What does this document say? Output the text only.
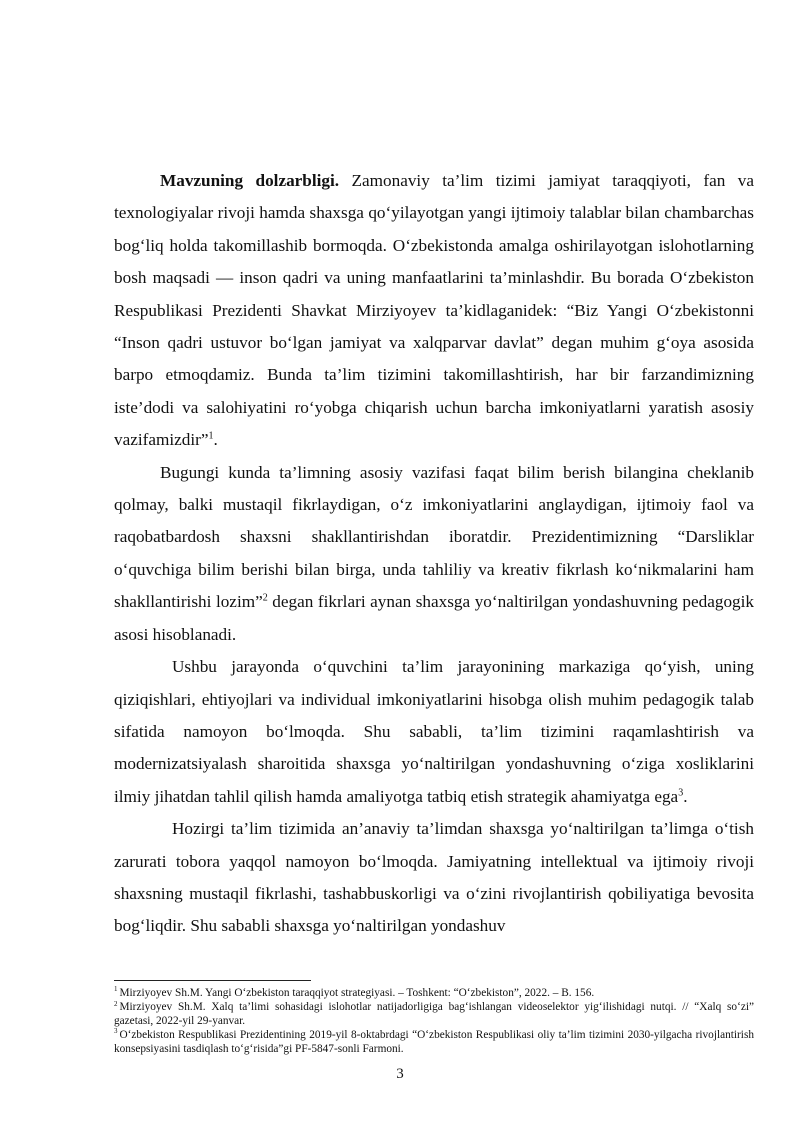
Mavzuning dolzarbligi. Zamonaviy ta’lim tizimi jamiyat taraqqiyoti, fan va texnologiyalar rivoji hamda shaxsga qo‘yilayotgan yangi ijtimoiy talablar bilan chambarchas bog‘liq holda takomillashib bormoqda. O‘zbekistonda amalga oshirilayotgan islohotlarning bosh maqsadi — inson qadri va uning manfaatlarini ta’minlashdir. Bu borada O‘zbekiston Respublikasi Prezidenti Shavkat Mirziyoyev ta’kidlaganidek: “Biz Yangi O‘zbekistonni “Inson qadri ustuvor bo‘lgan jamiyat va xalqparvar davlat” degan muhim g‘oya asosida barpo etmoqdamiz. Bunda ta’lim tizimini takomillashtirish, har bir farzandimizning iste’dodi va salohiyatini ro‘yobga chiqarish uchun barcha imkoniyatlarni yaratish asosiy vazifamizdir”$^1$.

Bugungi kunda ta’limning asosiy vazifasi faqat bilim berish bilangina cheklanib qolmay, balki mustaqil fikrlaydigan, o‘z imkoniyatlarini anglaydigan, ijtimoiy faol va raqobatbardosh shaxsni shakllantirishdan iboratdir. Prezidentimizning “Darsliklar o‘quvchiga bilim berishi bilan birga, unda tahliliy va kreativ fikrlash ko‘nikmalarini ham shakllantirishi lozim”$^2$ degan fikrlari aynan shaxsga yo‘naltirilgan yondashuvning pedagogik asosi hisoblanadi.

Ushbu jarayonda o‘quvchini ta’lim jarayonining markaziga qo‘yish, uning qiziqishlari, ehtiyojlari va individual imkoniyatlarini hisobga olish muhim pedagogik talab sifatida namoyon bo‘lmoqda. Shu sababli, ta’lim tizimini raqamlashtirish va modernizatsiyalash sharoitida shaxsga yo‘naltirilgan yondashuvning o‘ziga xosliklarini ilmiy jihatdan tahlil qilish hamda amaliyotga tatbiq etish strategik ahamiyatga ega$^3$.

Hozirgi ta’lim tizimida an’anaviy ta’limdan shaxsga yo‘naltirilgan ta’limga o‘tish zarurati tobora yaqqol namoyon bo‘lmoqda. Jamiyatning intellektual va ijtimoiy rivoji shaxsning mustaqil fikrlashi, tashabbuskorligi va o‘zini rivojlantirish qobiliyatiga bevosita bog‘liqdir. Shu sababli shaxsga yo‘naltirilgan yondashuv

$^1$ Mirziyoyev Sh.M. Yangi O‘zbekiston taraqqiyot strategiyasi. – Toshkent: “O‘zbekiston”, 2022. – B. 156.
$^2$ Mirziyoyev Sh.M. Xalq ta’limi sohasidagi islohotlar natijadorligiga bag‘ishlangan videoselektor yig‘ilishidagi nutqi. // “Xalq so‘zi” gazetasi, 2022-yil 29-yanvar.
$^3$ O‘zbekiston Respublikasi Prezidentining 2019-yil 8-oktabrdagi “O‘zbekiston Respublikasi oliy ta’lim tizimini 2030-yilgacha rivojlantirish konsepsiyasini tasdiqlash to‘g‘risida”gi PF-5847-sonli Farmoni.
3
